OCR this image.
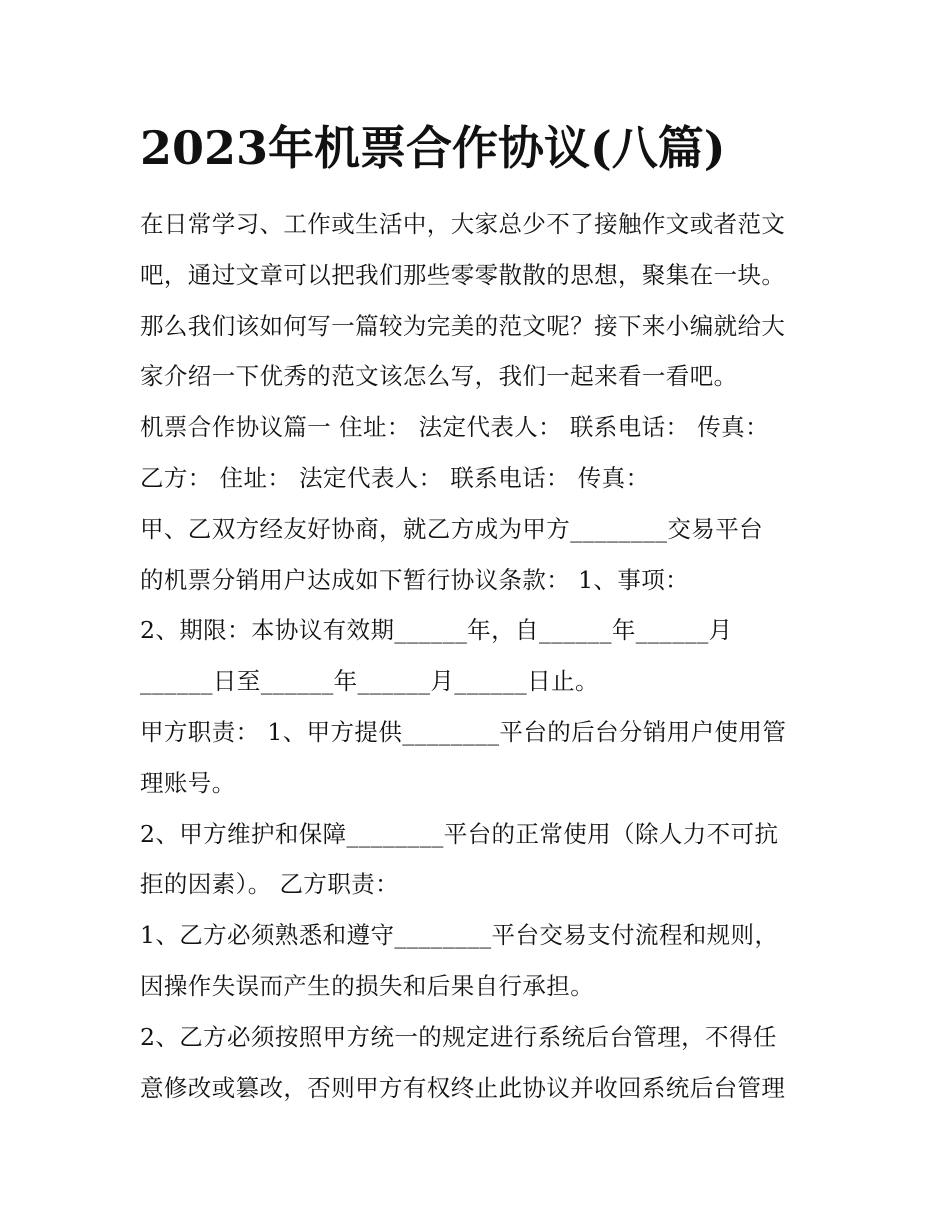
2023年机票合作协议(八篇)
在日常学习、工作或生活中，大家总少不了接触作文或者范文
吧，通过文章可以把我们那些零零散散的思想，聚集在一块。
那么我们该如何写一篇较为完美的范文呢？接下来小编就给大
家介绍一下优秀的范文该怎么写，我们一起来看一看吧。
机票合作协议篇一 住址： 法定代表人： 联系电话： 传真：
乙方： 住址： 法定代表人： 联系电话： 传真：
甲、乙双方经友好协商，就乙方成为甲方________交易平台
的机票分销用户达成如下暂行协议条款： 1、事项：
2、期限：本协议有效期______年，自______年______月
______日至______年______月______日止。
甲方职责： 1、甲方提供________平台的后台分销用户使用管
理账号。
2、甲方维护和保障________平台的正常使用（除人力不可抗
拒的因素）。 乙方职责：
1、乙方必须熟悉和遵守________平台交易支付流程和规则，
因操作失误而产生的损失和后果自行承担。
2、乙方必须按照甲方统一的规定进行系统后台管理，不得任
意修改或篡改，否则甲方有权终止此协议并收回系统后台管理
